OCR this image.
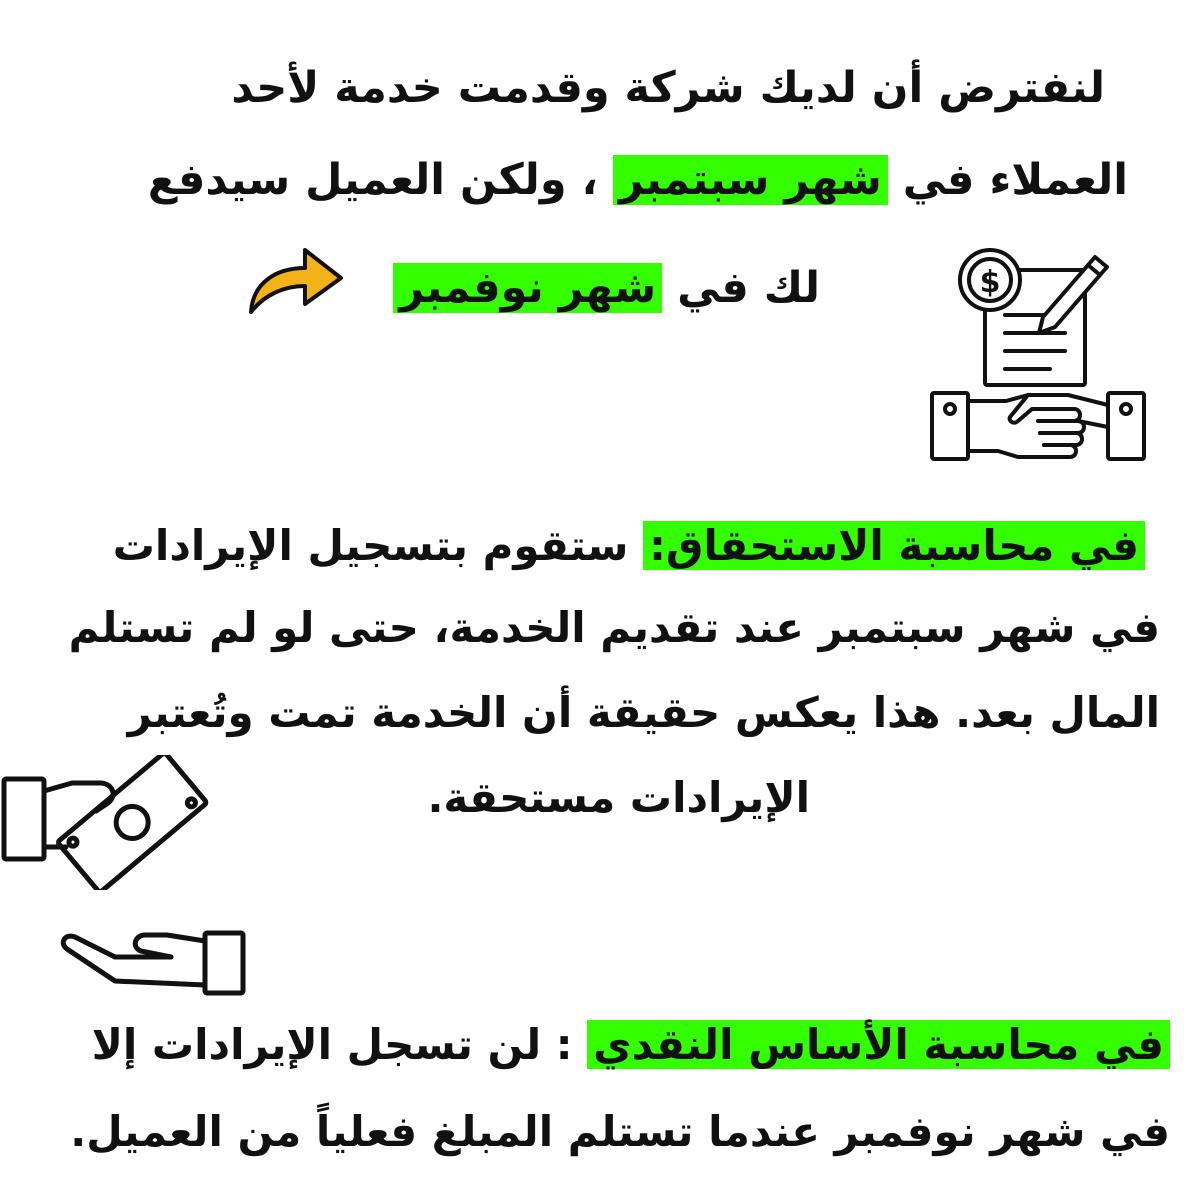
لنفترض أن لديك شركة وقدمت خدمة لأحد
العملاء في شهر سبتمبر ، ولكن العميل سيدفع
لك في شهر نوفمبر	$
في محاسبة الاستحقاق: ستقوم بتسجيل الإيرادات
في شهر سبتمبر عند تقديم الخدمة، حتى لو لم تستلم
المال بعد. هذا يعكس حقيقة أن الخدمة تمت وتُعتبر
الإيرادات مستحقة.
في محاسبة الأساس النقدي : لن تسجل الإيرادات إلا
في شهر نوفمبر عندما تستلم المبلغ فعلياً من العميل.
